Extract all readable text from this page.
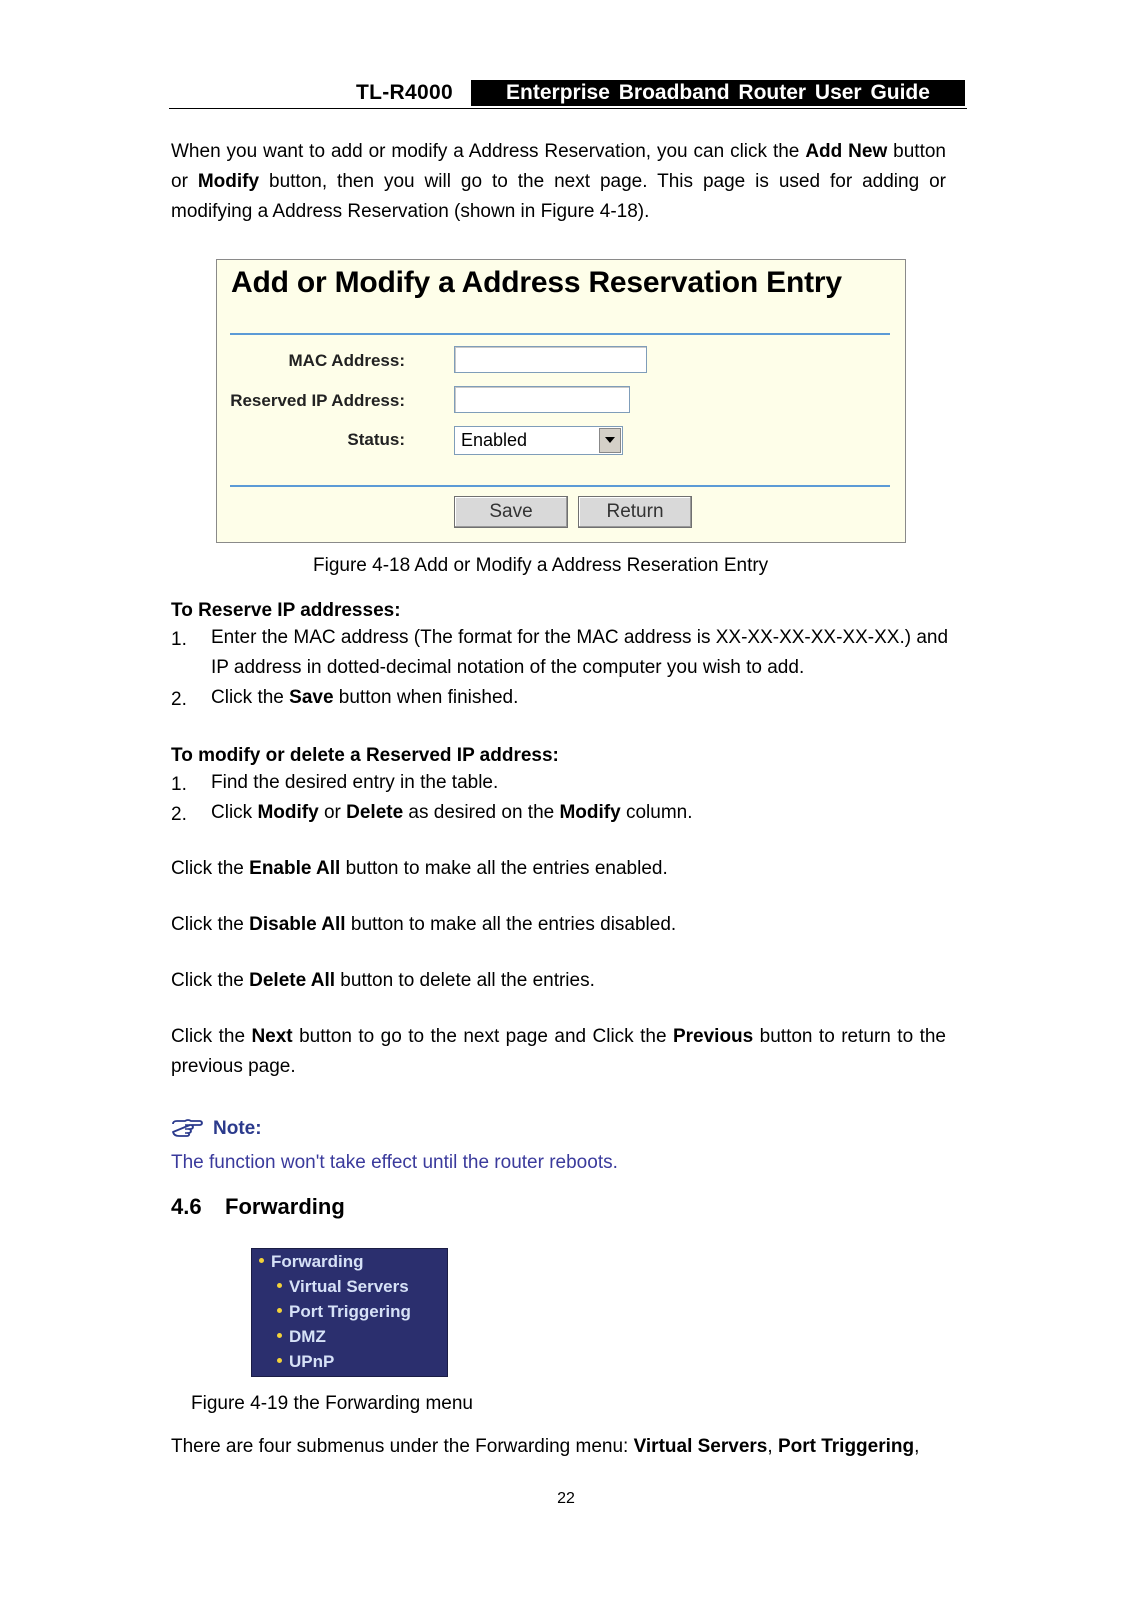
TL-R4000	Enterprise Broadband Router User Guide
When you want to add or modify a Address Reservation, you can click the Add New button or Modify button, then you will go to the next page. This page is used for adding or modifying a Address Reservation (shown in Figure 4-18).
Add or Modify a Address Reservation Entry
MAC Address:
Reserved IP Address:
Status:	Enabled
Save	Return
Figure 4-18 Add or Modify a Address Reseration Entry
To Reserve IP addresses:
1. Enter the MAC address (The format for the MAC address is XX-XX-XX-XX-XX-XX.) and IP address in dotted-decimal notation of the computer you wish to add.
2. Click the Save button when finished.
To modify or delete a Reserved IP address:
1. Find the desired entry in the table.
2. Click Modify or Delete as desired on the Modify column.
Click the Enable All button to make all the entries enabled.
Click the Disable All button to make all the entries disabled.
Click the Delete All button to delete all the entries.
Click the Next button to go to the next page and Click the Previous button to return to the previous page.
Note:
The function won't take effect until the router reboots.
4.6 Forwarding
Forwarding
Virtual Servers
Port Triggering
DMZ
UPnP
Figure 4-19 the Forwarding menu
There are four submenus under the Forwarding menu: Virtual Servers, Port Triggering,
22
